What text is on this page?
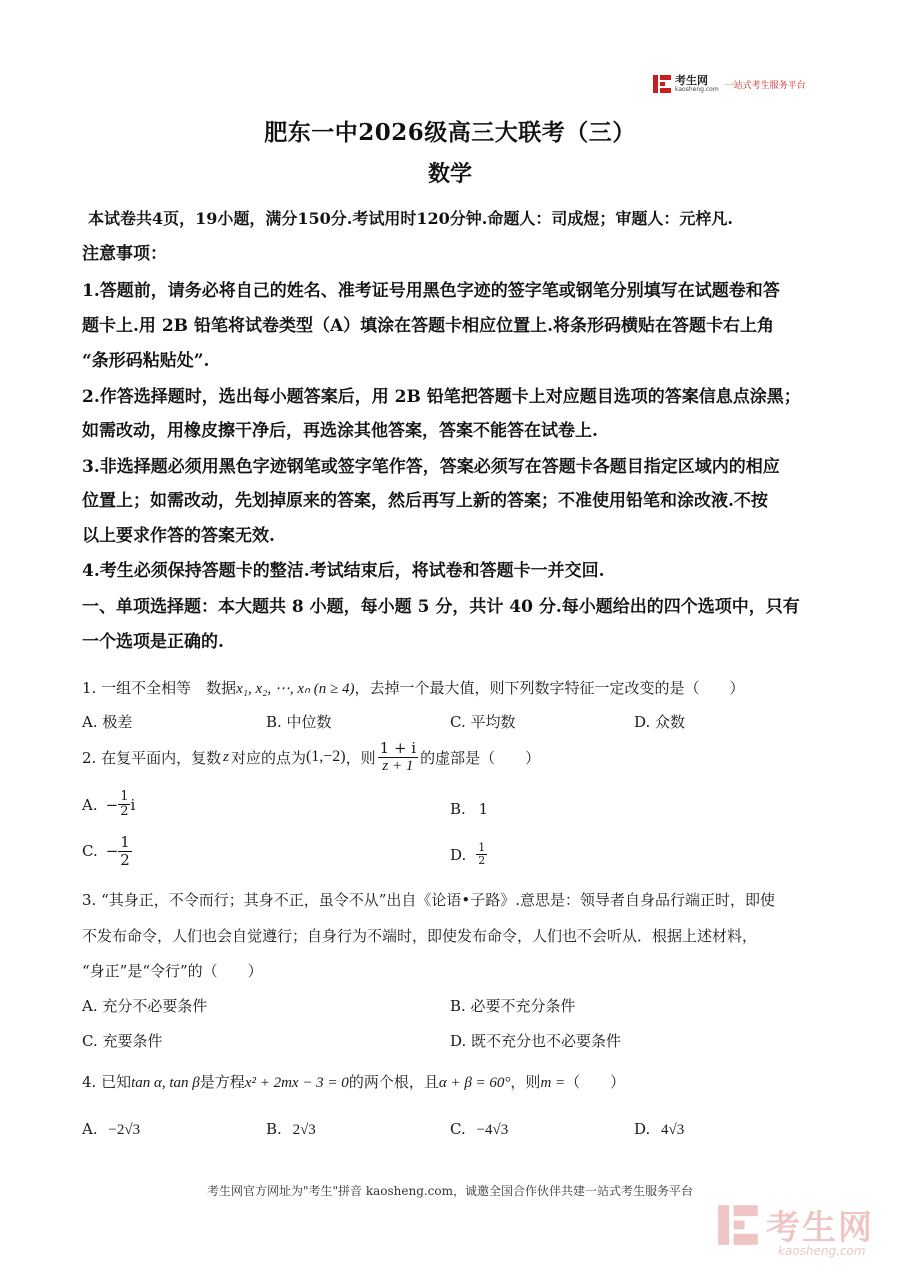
考生网
kaosheng.com 一站式考生服务平台
肥东一中2026级高三大联考（三）
数学
本试卷共4页，19小题，满分150分.考试用时120分钟.命题人：司成煜；审题人：元梓凡.
注意事项：
1.答题前，请务必将自己的姓名、准考证号用黑色字迹的签字笔或钢笔分别填写在试题卷和答
题卡上.用 2B 铅笔将试卷类型（A）填涂在答题卡相应位置上.将条形码横贴在答题卡右上角
“条形码粘贴处”.
2.作答选择题时，选出每小题答案后，用 2B 铅笔把答题卡上对应题目选项的答案信息点涂黑；
如需改动，用橡皮擦干净后，再选涂其他答案，答案不能答在试卷上.
3.非选择题必须用黑色字迹钢笔或签字笔作答，答案必须写在答题卡各题目指定区域内的相应
位置上；如需改动，先划掉原来的答案，然后再写上新的答案；不准使用铅笔和涂改液.不按
以上要求作答的答案无效.
4.考生必须保持答题卡的整洁.考试结束后，将试卷和答题卡一并交回.
一、单项选择题：本大题共 8 小题，每小题 5 分，共计 40 分.每小题给出的四个选项中，只有
一个选项是正确的.
1. 一组不全相等　数据x₁, x₂, ⋯, xₙ (n ≥ 4)，去掉一个最大值，则下列数字特征一定改变的是（　　）
A. 极差	B. 中位数	C. 平均数	D. 众数
2. 在复平面内，复数 z 对应的点为 (1,−2) ，则 $\frac{1 + i}{z + 1}$ 的虚部是（　　）
A. − $\frac{1}{2}$ i	B. 1
C. − $\frac{1}{2}$	D. $\frac{1}{2}$
3. “其身正，不令而行；其身不正，虽令不从”出自《论语•子路》.意思是：领导者自身品行端正时，即使
不发布命令，人们也会自觉遵行；自身行为不端时，即使发布命令，人们也不会听从．根据上述材料，
“身正”是“令行”的（　　）
A. 充分不必要条件	B. 必要不充分条件
C. 充要条件	D. 既不充分也不必要条件
4. 已知tan α, tan β是方程x² + 2mx − 3 = 0的两个根，且α + β = 60°，则m =（　　）
A. −2√3	B. 2√3	C. −4√3	D. 4√3
考生网官方网址为"考生"拼音 kaosheng.com，诚邀全国合作伙伴共建一站式考生服务平台
考生网
kaosheng.com
